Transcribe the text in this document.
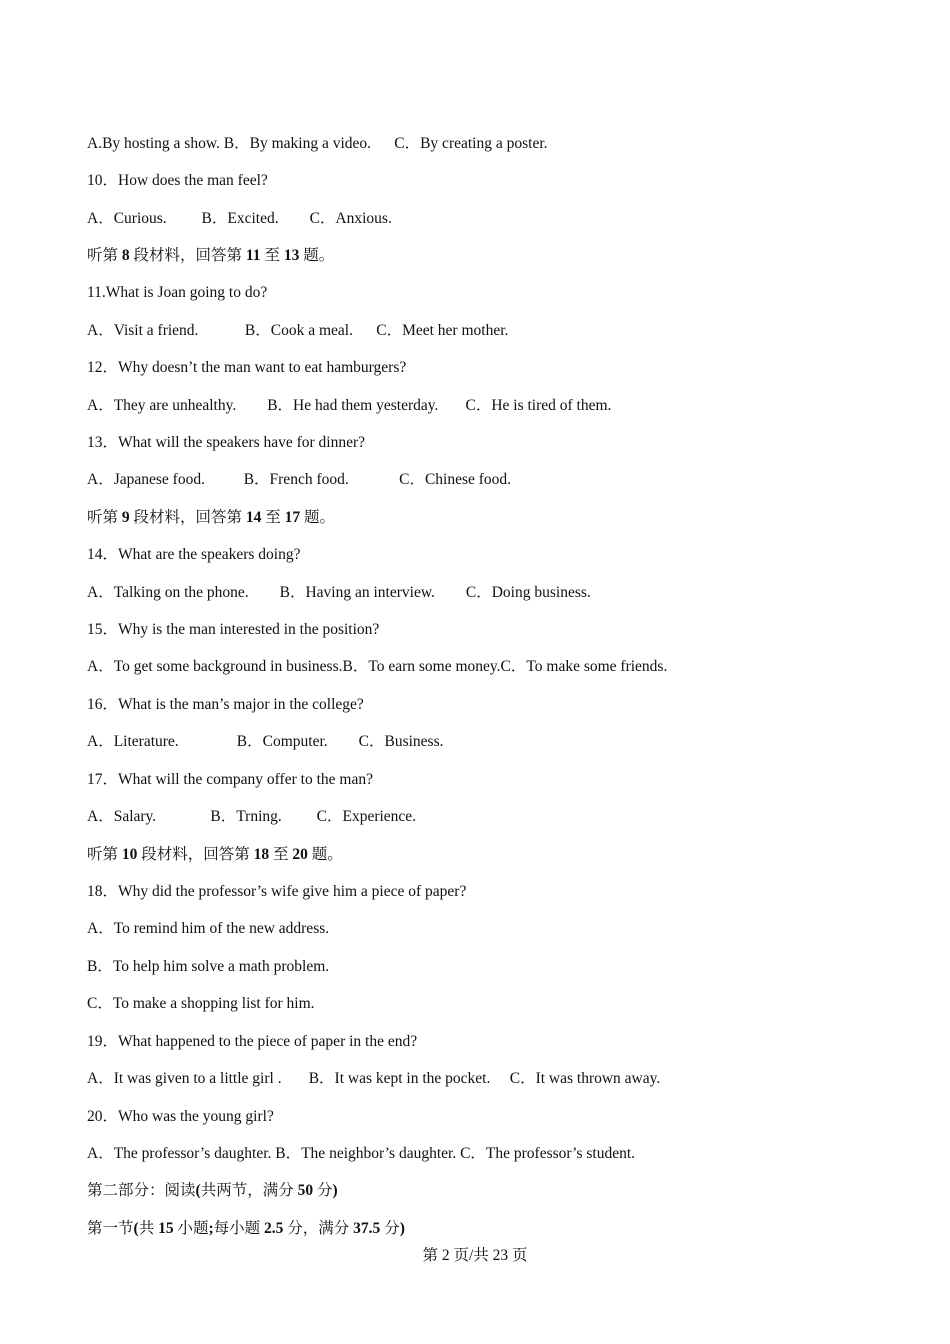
A.By hosting a show. B．By making a video.      C．By creating a poster.
10．How does the man feel?
A．Curious.         B．Excited.        C．Anxious.
听第 8 段材料，回答第 11 至 13 题。
11.What is Joan going to do?
A．Visit a friend.            B．Cook a meal.      C．Meet her mother.
12．Why doesn’t the man want to eat hamburgers?
A．They are unhealthy.        B．He had them yesterday.       C．He is tired of them.
13．What will the speakers have for dinner?
A．Japanese food.          B．French food.             C．Chinese food.
听第 9 段材料，回答第 14 至 17 题。
14．What are the speakers doing?
A．Talking on the phone.        B．Having an interview.        C．Doing business.
15．Why is the man interested in the position?
A．To get some background in business.B．To earn some money.C．To make some friends.
16．What is the man’s major in the college?
A．Literature.               B．Computer.        C．Business.
17．What will the company offer to the man?
A．Salary.              B．Trning.         C．Experience.
听第 10 段材料，回答第 18 至 20 题。
18．Why did the professor’s wife give him a piece of paper?
A．To remind him of the new address.
B．To help him solve a math problem.
C．To make a shopping list for him.
19．What happened to the piece of paper in the end?
A．It was given to a little girl .       B．It was kept in the pocket.     C．It was thrown away.
20．Who was the young girl?
A．The professor’s daughter. B．The neighbor’s daughter. C．The professor’s student.
第二部分：阅读(共两节，满分 50 分)
第一节(共 15 小题;每小题 2.5 分，满分 37.5 分)
第 2 页/共 23 页
